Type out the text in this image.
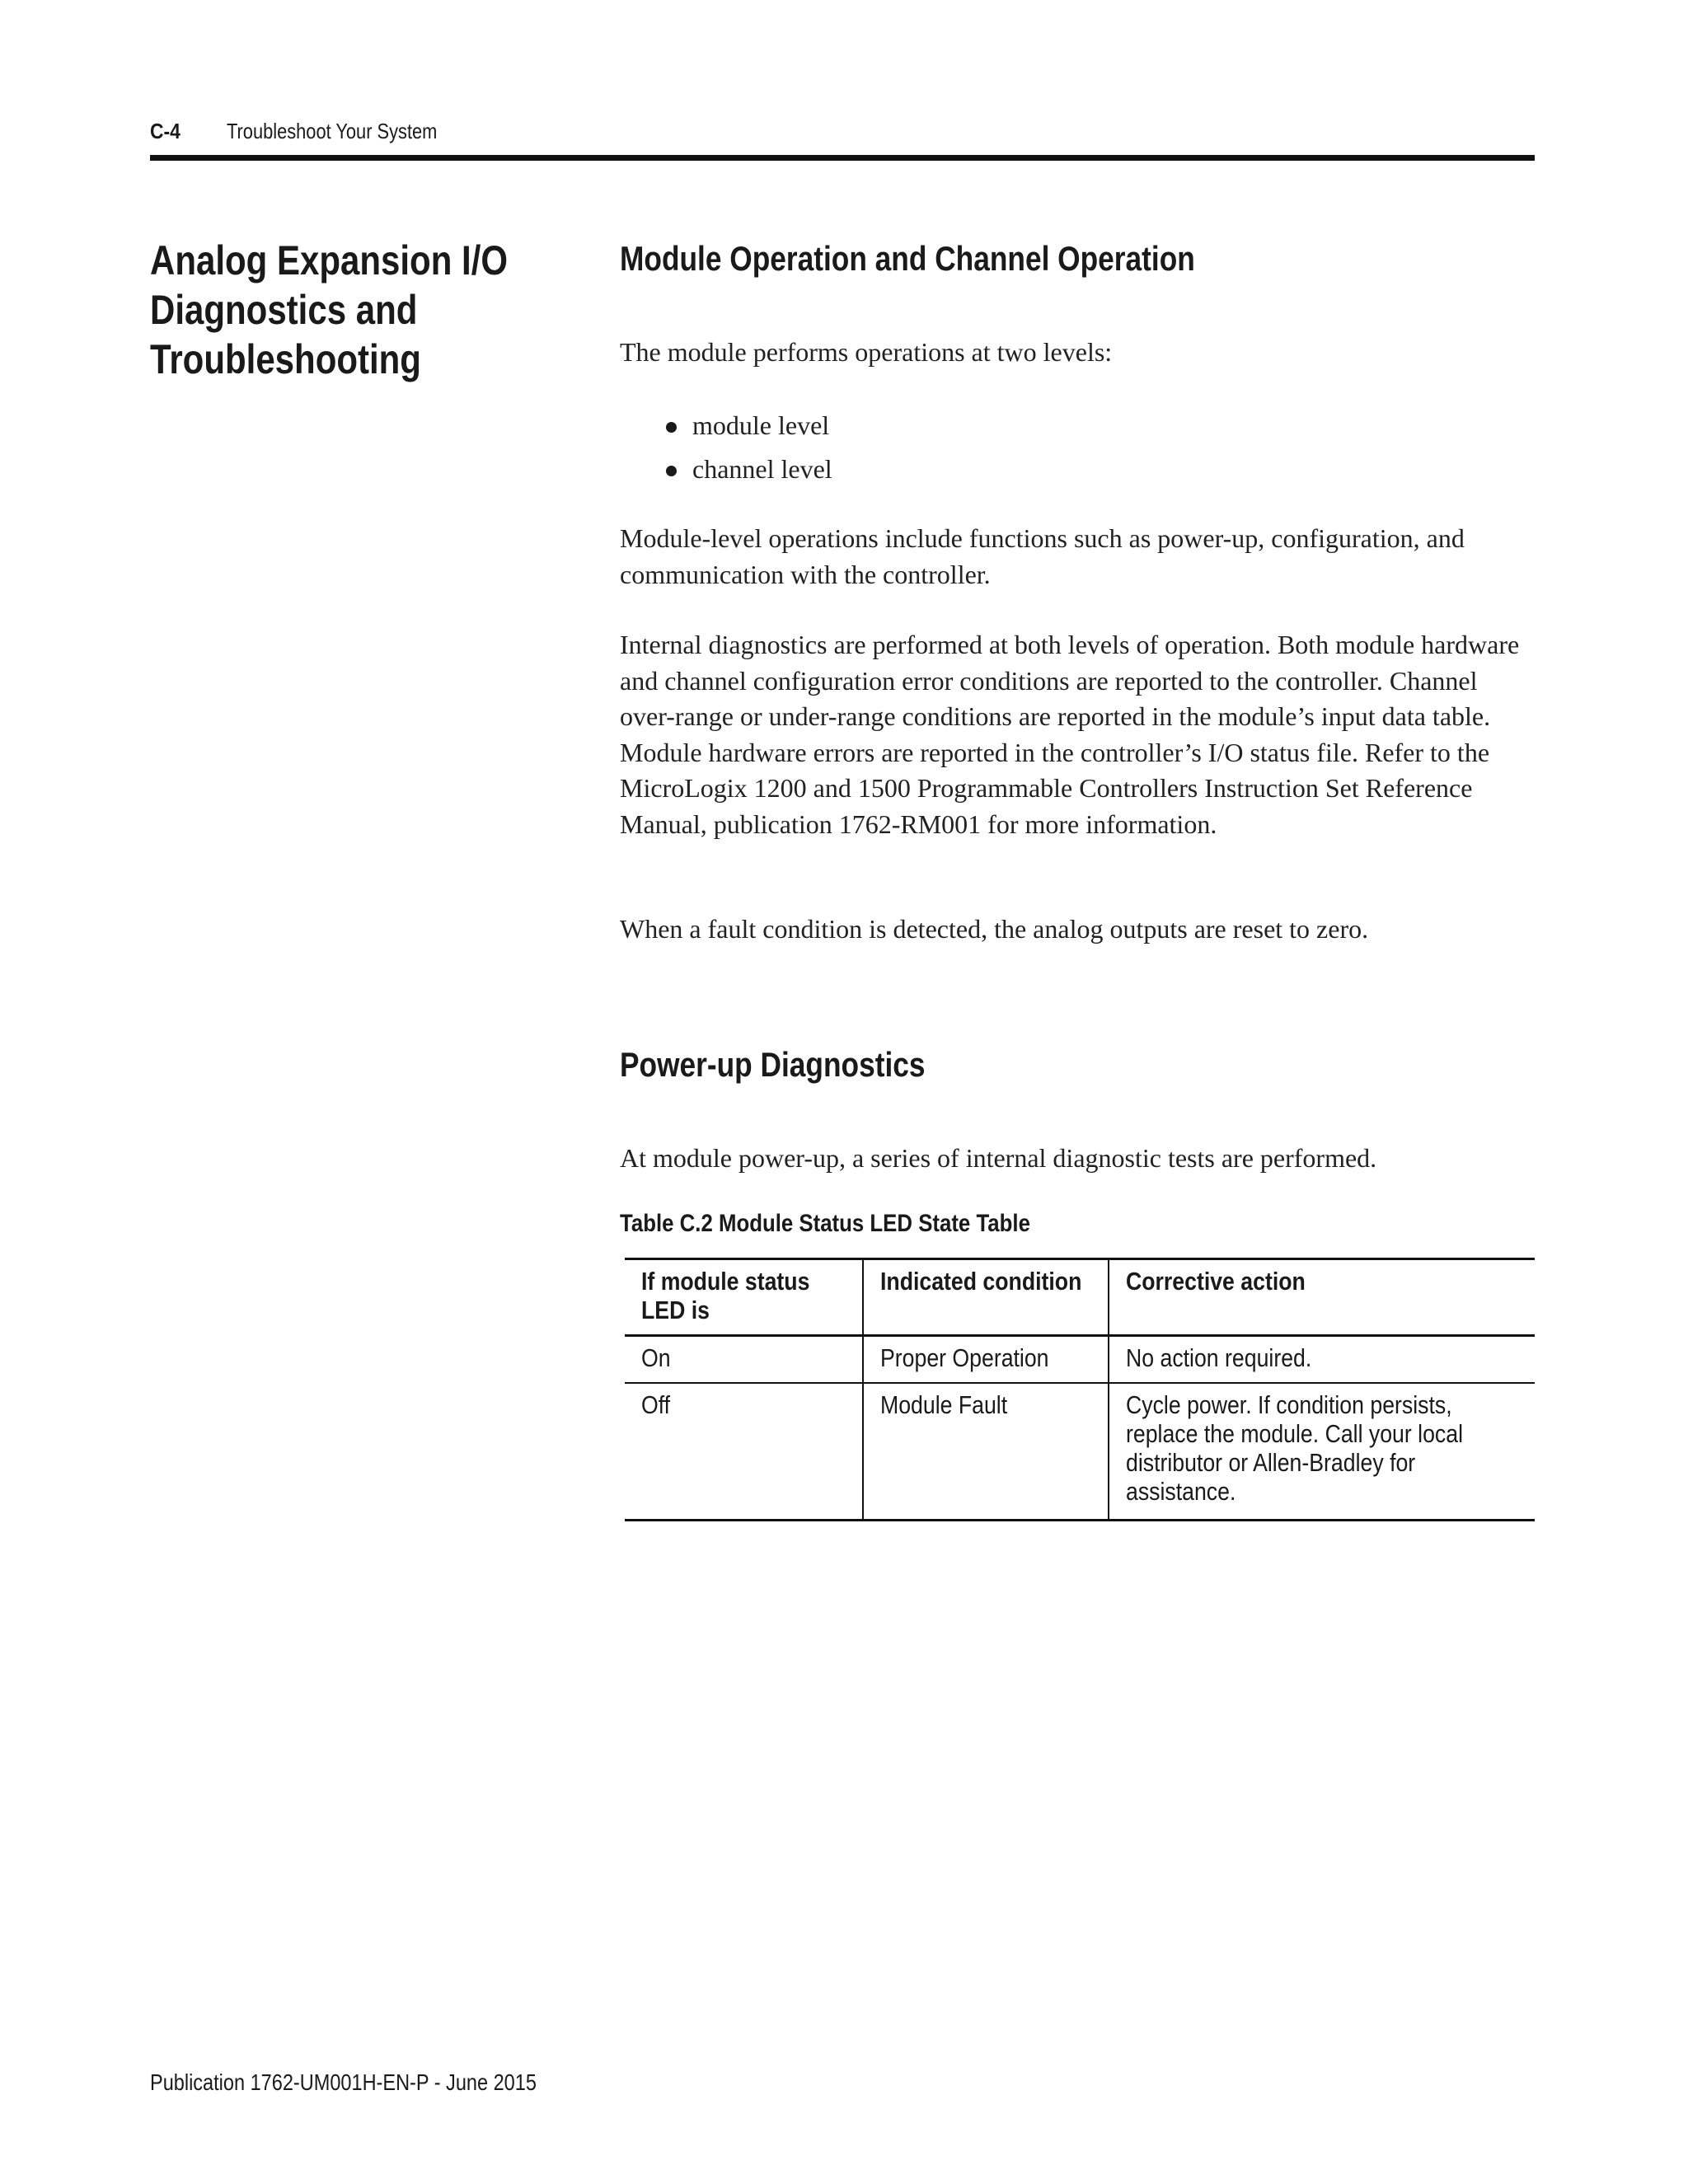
C-4 Troubleshoot Your System
Analog Expansion I/O
Diagnostics and
Troubleshooting
Module Operation and Channel Operation
The module performs operations at two levels:
module level
channel level
Module-level operations include functions such as power-up, configuration, and communication with the controller.
Internal diagnostics are performed at both levels of operation. Both module hardware and channel configuration error conditions are reported to the controller. Channel over-range or under-range conditions are reported in the module’s input data table. Module hardware errors are reported in the controller’s I/O status file. Refer to the MicroLogix 1200 and 1500 Programmable Controllers Instruction Set Reference Manual, publication 1762-RM001 for more information.
When a fault condition is detected, the analog outputs are reset to zero.
Power-up Diagnostics
At module power-up, a series of internal diagnostic tests are performed.
Table C.2 Module Status LED State Table
If module status LED is	Indicated condition	Corrective action

On	Proper Operation	No action required.

Off	Module Fault	Cycle power. If condition persists, replace the module. Call your local distributor or Allen-Bradley for assistance.
Publication 1762-UM001H-EN-P - June 2015
